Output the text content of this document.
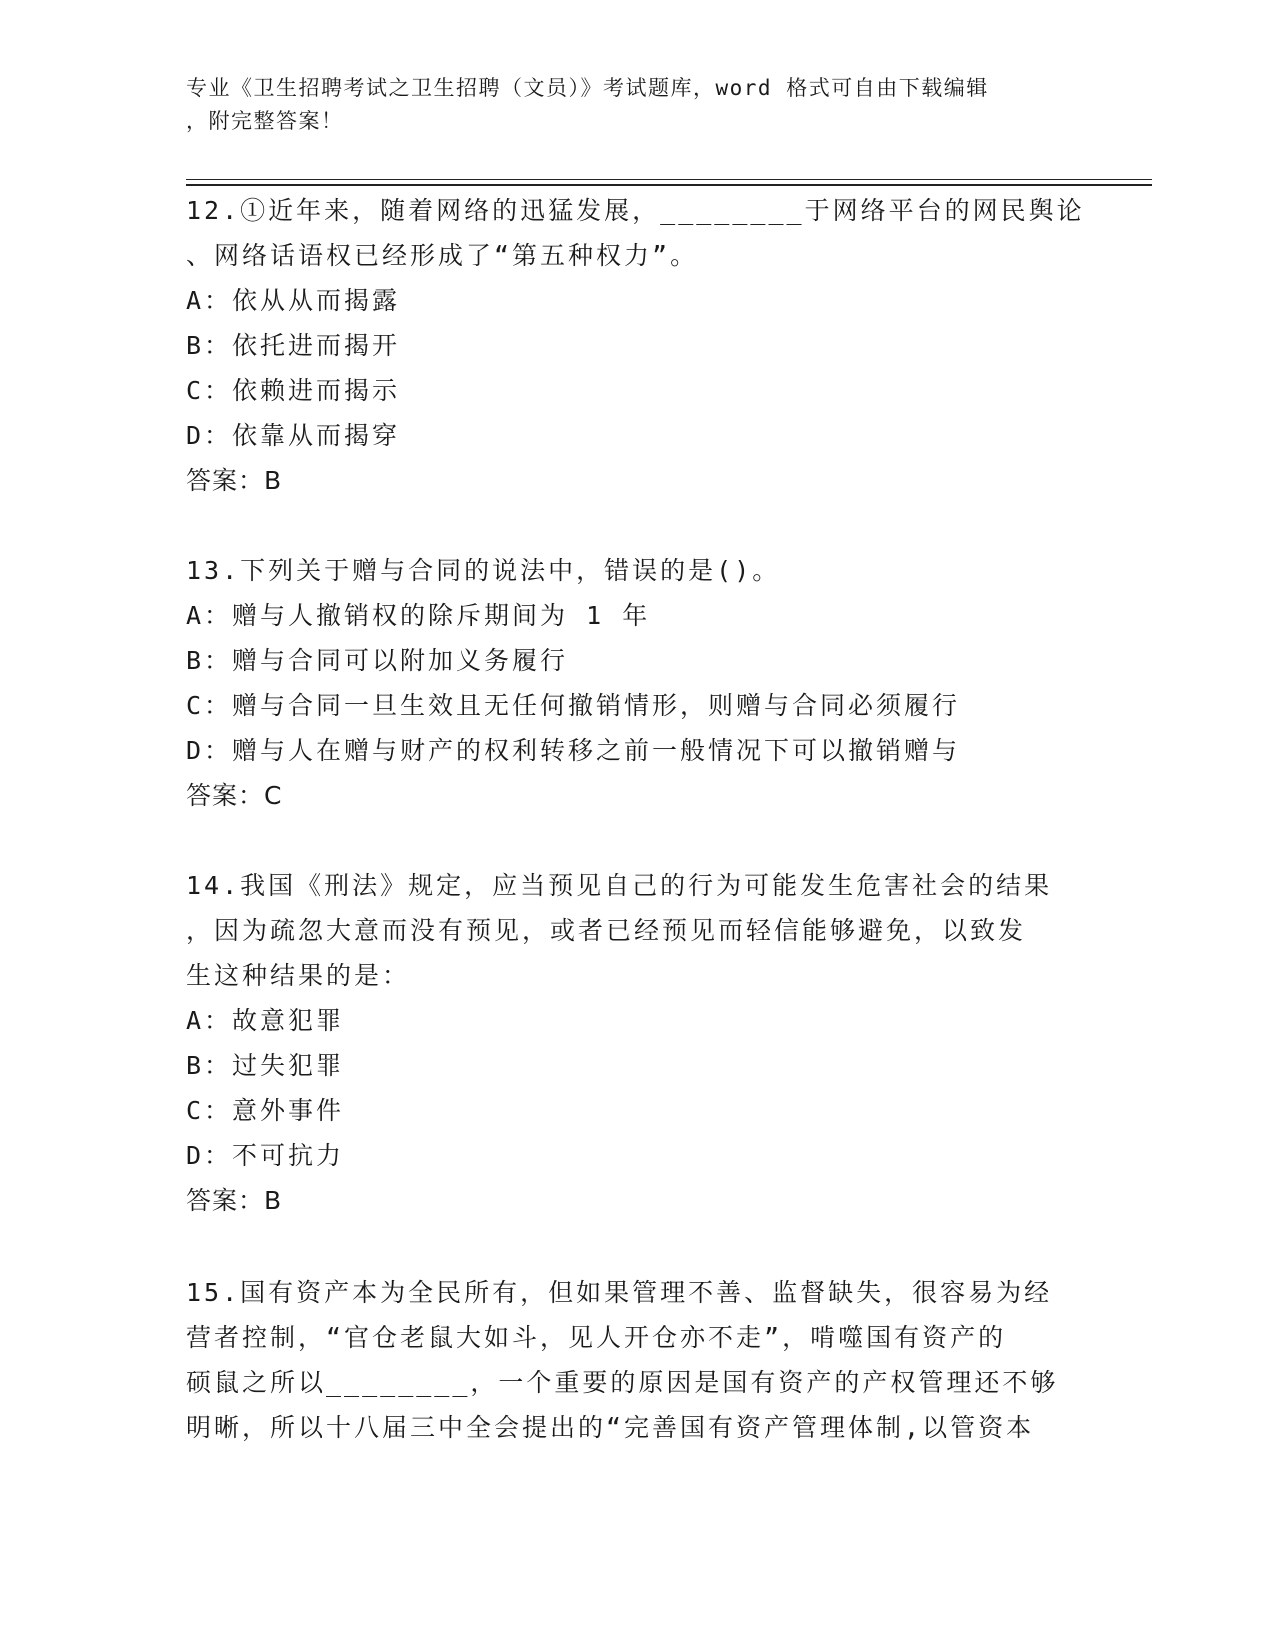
专业《卫生招聘考试之卫生招聘（文员）》考试题库，word 格式可自由下载编辑
，附完整答案！

12.①近年来，随着网络的迅猛发展，________于网络平台的网民舆论

、网络话语权已经形成了“第五种权力”。

A：依从从而揭露

B：依托进而揭开

C：依赖进而揭示

D：依靠从而揭穿

答案：B

13.下列关于赠与合同的说法中，错误的是()。

A：赠与人撤销权的除斥期间为 1 年

B：赠与合同可以附加义务履行

C：赠与合同一旦生效且无任何撤销情形，则赠与合同必须履行

D：赠与人在赠与财产的权利转移之前一般情况下可以撤销赠与

答案：C

14.我国《刑法》规定，应当预见自己的行为可能发生危害社会的结果

，因为疏忽大意而没有预见，或者已经预见而轻信能够避免，以致发

生这种结果的是：

A：故意犯罪

B：过失犯罪

C：意外事件

D：不可抗力

答案：B

15.国有资产本为全民所有，但如果管理不善、监督缺失，很容易为经

营者控制，“官仓老鼠大如斗，见人开仓亦不走”，啃噬国有资产的

硕鼠之所以________，一个重要的原因是国有资产的产权管理还不够

明晰，所以十八届三中全会提出的“完善国有资产管理体制,以管资本
